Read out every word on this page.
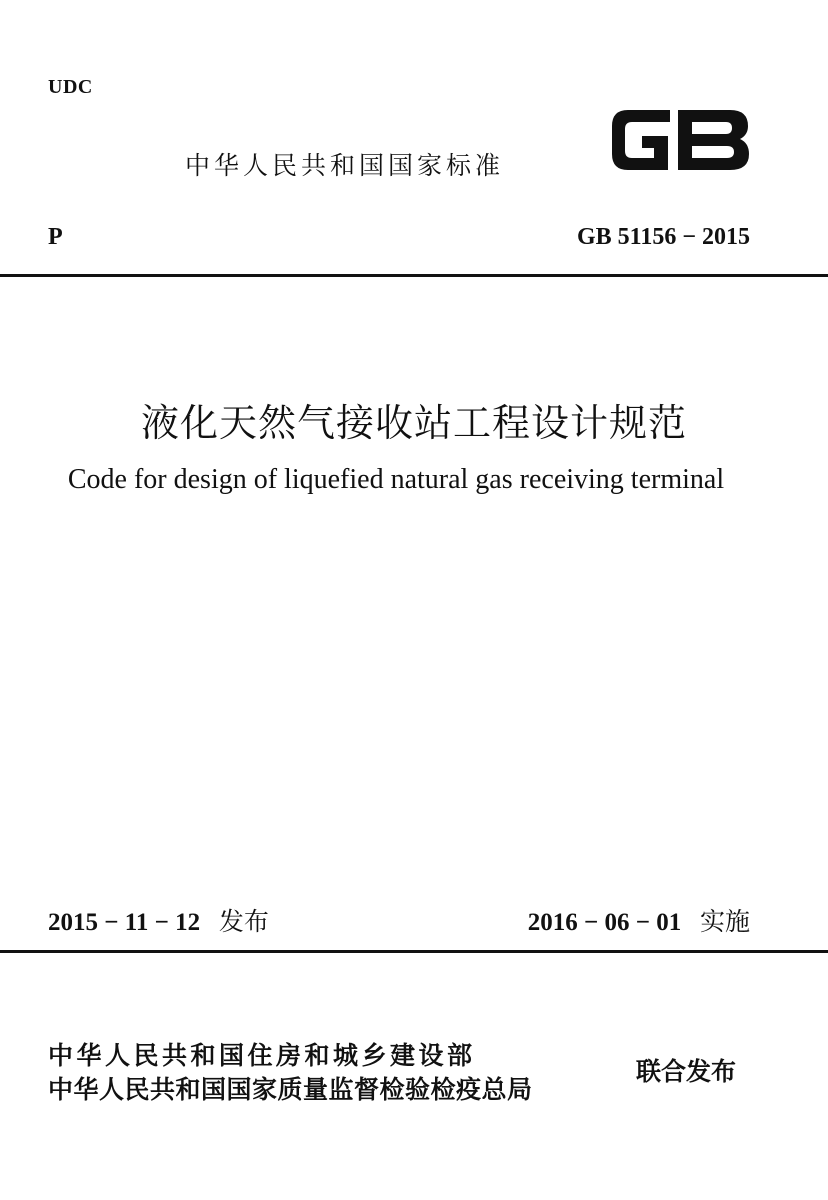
UDC
中华人民共和国国家标准
P	GB 51156 − 2015
液化天然气接收站工程设计规范
Code for design of liquefied natural gas receiving terminal
2015 − 11 − 12 发布	2016 − 06 − 01 实施
中华人民共和国住房和城乡建设部
中华人民共和国国家质量监督检验检疫总局
联合发布
